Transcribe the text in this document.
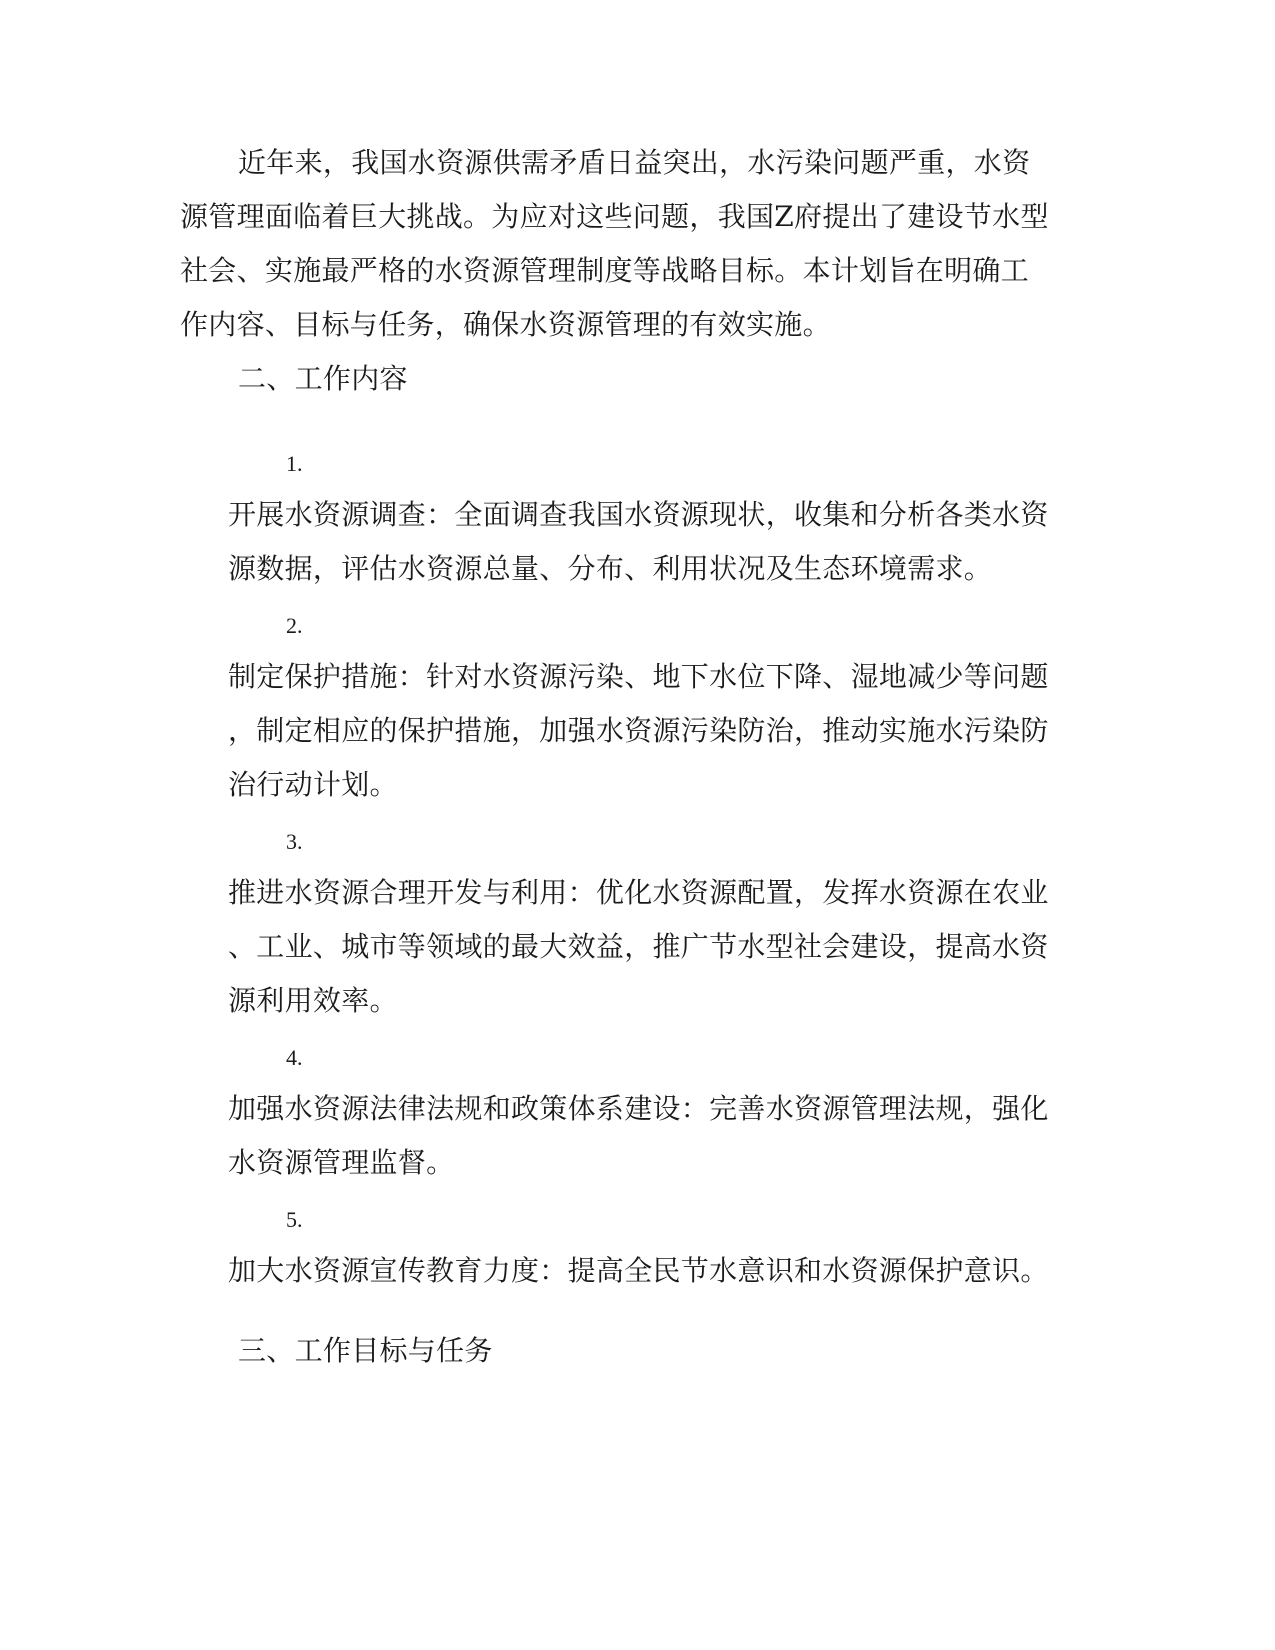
近年来，我国水资源供需矛盾日益突出，水污染问题严重，水资
源管理面临着巨大挑战。为应对这些问题，我国Z府提出了建设节水型
社会、实施最严格的水资源管理制度等战略目标。本计划旨在明确工
作内容、目标与任务，确保水资源管理的有效实施。
二、工作内容
1.
开展水资源调查：全面调查我国水资源现状，收集和分析各类水资
源数据，评估水资源总量、分布、利用状况及生态环境需求。
2.
制定保护措施：针对水资源污染、地下水位下降、湿地减少等问题
，制定相应的保护措施，加强水资源污染防治，推动实施水污染防
治行动计划。
3.
推进水资源合理开发与利用：优化水资源配置，发挥水资源在农业
、工业、城市等领域的最大效益，推广节水型社会建设，提高水资
源利用效率。
4.
加强水资源法律法规和政策体系建设：完善水资源管理法规，强化
水资源管理监督。
5.
加大水资源宣传教育力度：提高全民节水意识和水资源保护意识。
三、工作目标与任务
